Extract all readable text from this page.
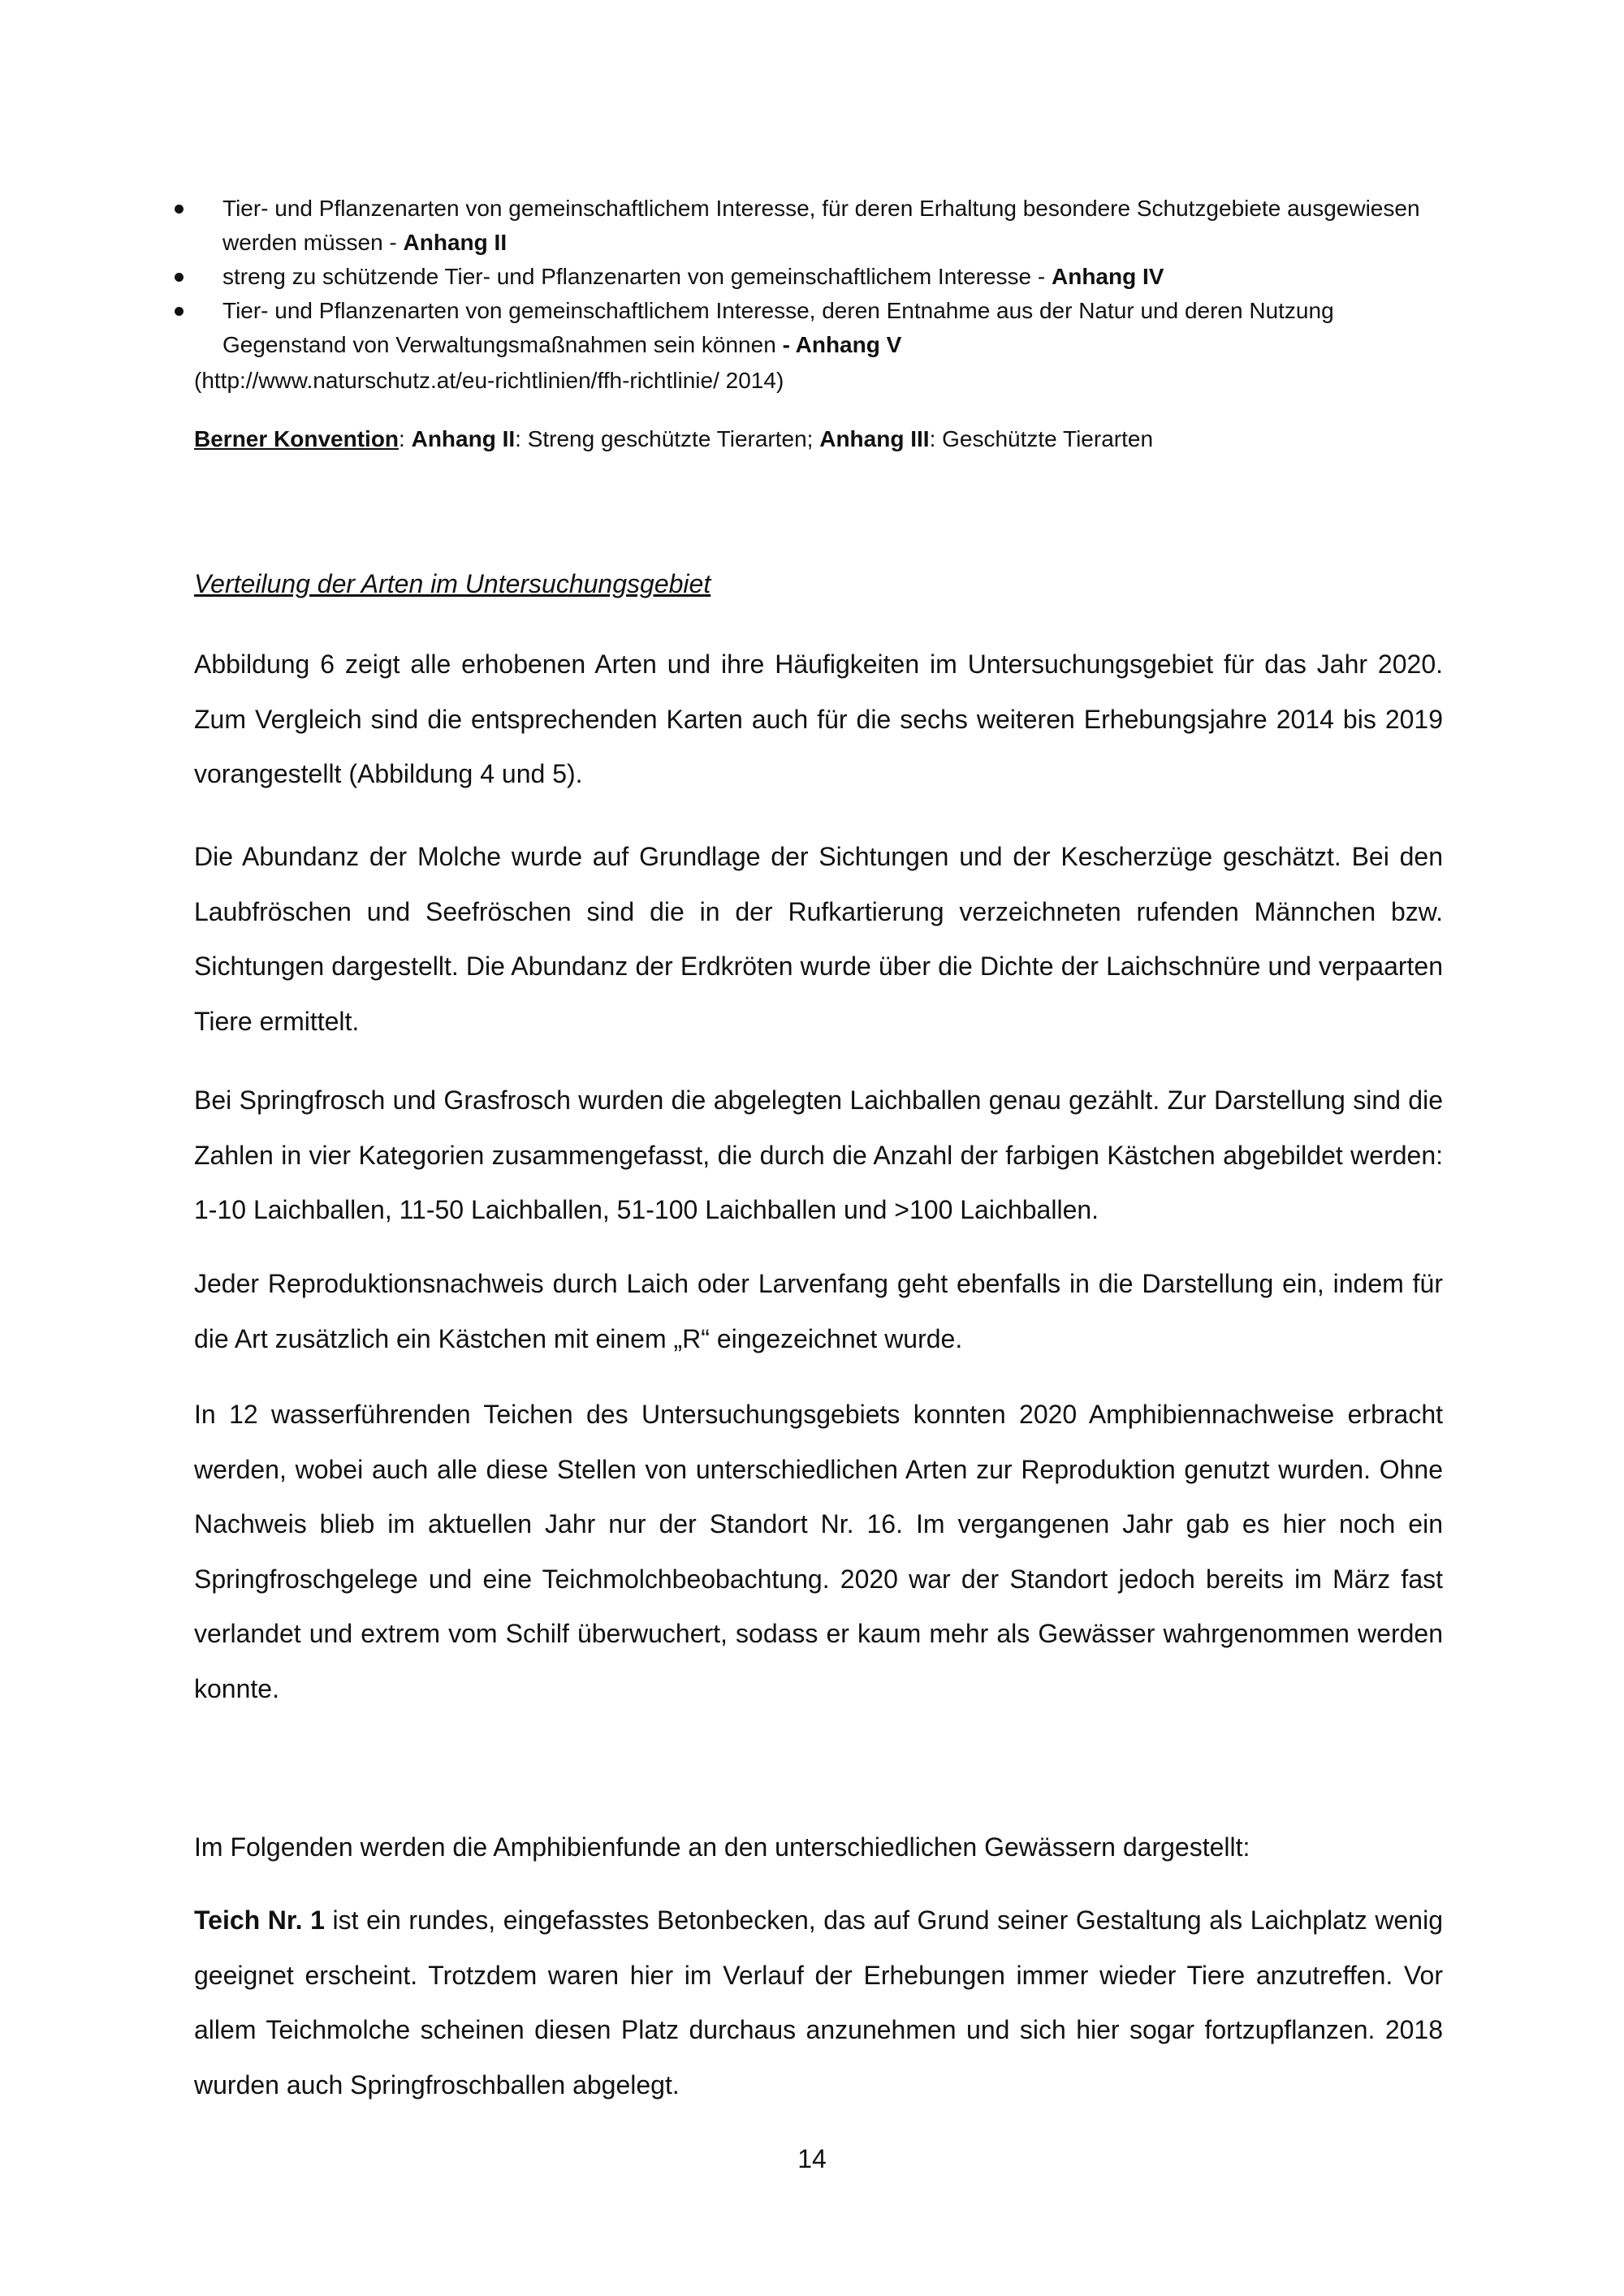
Tier- und Pflanzenarten von gemeinschaftlichem Interesse, für deren Erhaltung besondere Schutzgebiete ausgewiesen werden müssen - Anhang II
streng zu schützende Tier- und Pflanzenarten von gemeinschaftlichem Interesse - Anhang IV
Tier- und Pflanzenarten von gemeinschaftlichem Interesse, deren Entnahme aus der Natur und deren Nutzung Gegenstand von Verwaltungsmaßnahmen sein können - Anhang V
(http://www.naturschutz.at/eu-richtlinien/ffh-richtlinie/ 2014)
Berner Konvention: Anhang II: Streng geschützte Tierarten; Anhang III: Geschützte Tierarten
Verteilung der Arten im Untersuchungsgebiet

Abbildung 6 zeigt alle erhobenen Arten und ihre Häufigkeiten im Untersuchungsgebiet für das Jahr 2020. Zum Vergleich sind die entsprechenden Karten auch für die sechs weiteren Erhebungsjahre 2014 bis 2019 vorangestellt (Abbildung 4 und 5).

Die Abundanz der Molche wurde auf Grundlage der Sichtungen und der Kescherzüge geschätzt. Bei den Laubfröschen und Seefröschen sind die in der Rufkartierung verzeichneten rufenden Männchen bzw. Sichtungen dargestellt. Die Abundanz der Erdkröten wurde über die Dichte der Laichschnüre und verpaarten Tiere ermittelt.

Bei Springfrosch und Grasfrosch wurden die abgelegten Laichballen genau gezählt. Zur Darstellung sind die Zahlen in vier Kategorien zusammengefasst, die durch die Anzahl der farbigen Kästchen abgebildet werden: 1-10 Laichballen, 11-50 Laichballen, 51-100 Laichballen und >100 Laichballen.

Jeder Reproduktionsnachweis durch Laich oder Larvenfang geht ebenfalls in die Darstellung ein, indem für die Art zusätzlich ein Kästchen mit einem „R“ eingezeichnet wurde.

In 12 wasserführenden Teichen des Untersuchungsgebiets konnten 2020 Amphibiennachweise erbracht werden, wobei auch alle diese Stellen von unterschiedlichen Arten zur Reproduktion genutzt wurden. Ohne Nachweis blieb im aktuellen Jahr nur der Standort Nr. 16. Im vergangenen Jahr gab es hier noch ein Springfroschgelege und eine Teichmolchbeobachtung. 2020 war der Standort jedoch bereits im März fast verlandet und extrem vom Schilf überwuchert, sodass er kaum mehr als Gewässer wahrgenommen werden konnte.

Im Folgenden werden die Amphibienfunde an den unterschiedlichen Gewässern dargestellt:

Teich Nr. 1 ist ein rundes, eingefasstes Betonbecken, das auf Grund seiner Gestaltung als Laichplatz wenig geeignet erscheint. Trotzdem waren hier im Verlauf der Erhebungen immer wieder Tiere anzutreffen. Vor allem Teichmolche scheinen diesen Platz durchaus anzunehmen und sich hier sogar fortzupflanzen. 2018 wurden auch Springfroschballen abgelegt.

14
